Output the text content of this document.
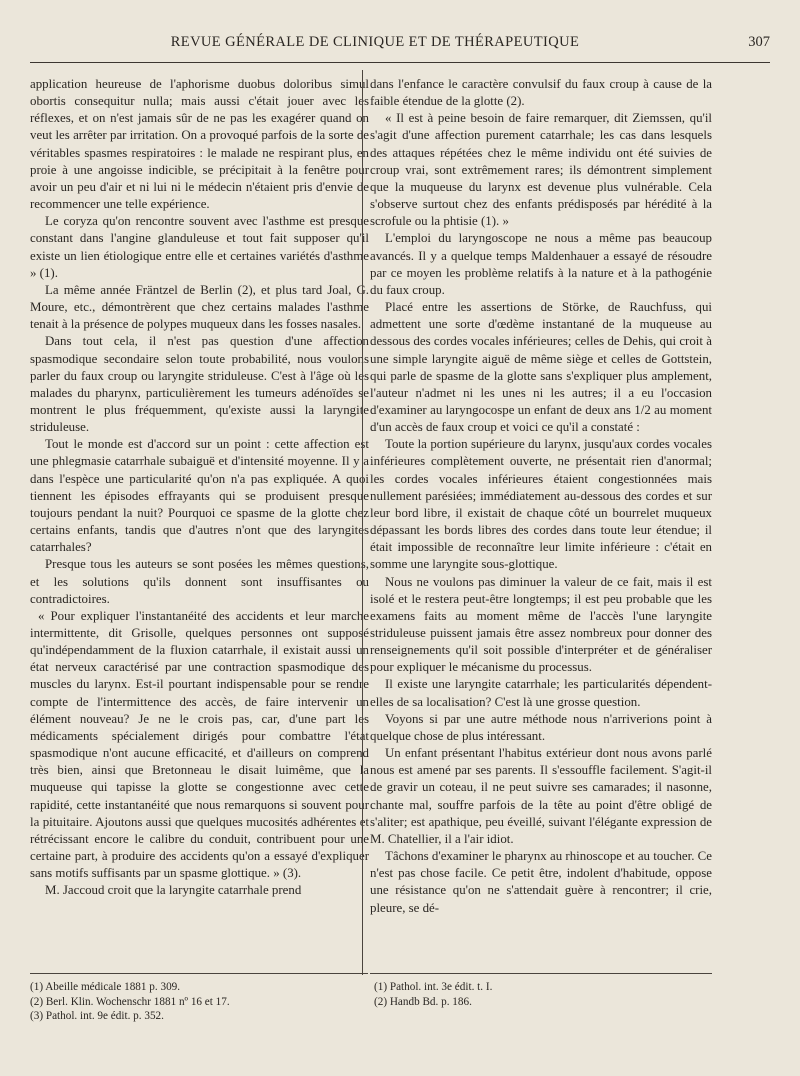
REVUE GÉNÉRALE DE CLINIQUE ET DE THÉRAPEUTIQUE	307

application heureuse de l'aphorisme duobus doloribus simul obortis consequitur nulla; mais aussi c'était jouer avec les réflexes, et on n'est jamais sûr de ne pas les exagérer quand on veut les arrêter par irritation. On a provoqué parfois de la sorte de véritables spasmes respiratoires : le malade ne respirant plus, en proie à une angoisse indicible, se précipitait à la fenêtre pour avoir un peu d'air et ni lui ni le médecin n'étaient pris d'envie de recommencer une telle expérience.

Le coryza qu'on rencontre souvent avec l'asthme est presque constant dans l'angine glanduleuse et tout fait supposer qu'il existe un lien étiologique entre elle et certaines variétés d'asthme » (1).

La même année Fräntzel de Berlin (2), et plus tard Joal, G. Moure, etc., démontrèrent que chez certains malades l'asthme tenait à la présence de polypes muqueux dans les fosses nasales.

Dans tout cela, il n'est pas question d'une affection spasmodique secondaire selon toute probabilité, nous voulons parler du faux croup ou laryngite striduleuse. C'est à l'âge où les malades du pharynx, particulièrement les tumeurs adénoïdes se montrent le plus fréquemment, qu'existe aussi la laryngite striduleuse.

Tout le monde est d'accord sur un point : cette affection est une phlegmasie catarrhale subaiguë et d'intensité moyenne. Il y a dans l'espèce une particularité qu'on n'a pas expliquée. A quoi tiennent les épisodes effrayants qui se produisent presque toujours pendant la nuit? Pourquoi ce spasme de la glotte chez certains enfants, tandis que d'autres n'ont que des laryngites catarrhales?

Presque tous les auteurs se sont posées les mêmes questions, et les solutions qu'ils donnent sont insuffisantes ou contradictoires.

« Pour expliquer l'instantanéité des accidents et leur marche intermittente, dit Grisolle, quelques personnes ont supposé qu'indépendamment de la fluxion catarrhale, il existait aussi un état nerveux caractérisé par une contraction spasmodique des muscles du larynx. Est-il pourtant indispensable pour se rendre compte de l'intermittence des accès, de faire intervenir un élément nouveau? Je ne le crois pas, car, d'une part les médicaments spécialement dirigés pour combattre l'état spasmodique n'ont aucune efficacité, et d'ailleurs on comprend très bien, ainsi que Bretonneau le disait luimême, que la muqueuse qui tapisse la glotte se congestionne avec cette rapidité, cette instantanéité que nous remarquons si souvent pour la pituitaire. Ajoutons aussi que quelques mucosités adhérentes et rétrécissant encore le calibre du conduit, contribuent pour une certaine part, à produire des accidents qu'on a essayé d'expliquer sans motifs suffisants par un spasme glottique. » (3).

M. Jaccoud croit que la laryngite catarrhale prend

dans l'enfance le caractère convulsif du faux croup à cause de la faible étendue de la glotte (2).

« Il est à peine besoin de faire remarquer, dit Ziemssen, qu'il s'agit d'une affection purement catarrhale; les cas dans lesquels des attaques répétées chez le même individu ont été suivies de croup vrai, sont extrêmement rares; ils démontrent simplement que la muqueuse du larynx est devenue plus vulnérable. Cela s'observe surtout chez des enfants prédisposés par hérédité à la scrofule ou la phtisie (1). »

L'emploi du laryngoscope ne nous a même pas beaucoup avancés. Il y a quelque temps Maldenhauer a essayé de résoudre par ce moyen les problème relatifs à la nature et à la pathogénie du faux croup.

Placé entre les assertions de Störke, de Rauchfuss, qui admettent une sorte d'œdème instantané de la muqueuse au dessous des cordes vocales inférieures; celles de Dehis, qui croit à une simple laryngite aiguë de même siège et celles de Gottstein, qui parle de spasme de la glotte sans s'expliquer plus amplement, l'auteur n'admet ni les unes ni les autres; il a eu l'occasion d'examiner au laryngocospe un enfant de deux ans 1/2 au moment d'un accès de faux croup et voici ce qu'il a constaté :

Toute la portion supérieure du larynx, jusqu'aux cordes vocales inférieures complètement ouverte, ne présentait rien d'anormal; les cordes vocales inférieures étaient congestionnées mais nullement parésiées; immédiatement au-dessous des cordes et sur leur bord libre, il existait de chaque côté un bourrelet muqueux dépassant les bords libres des cordes dans toute leur étendue; il était impossible de reconnaître leur limite inférieure : c'était en somme une laryngite sous-glottique.

Nous ne voulons pas diminuer la valeur de ce fait, mais il est isolé et le restera peut-être longtemps; il est peu probable que les examens faits au moment même de l'accès l'une laryngite striduleuse puissent jamais être assez nombreux pour donner des renseignements qu'il soit possible d'interpréter et de généraliser pour expliquer le mécanisme du processus.

Il existe une laryngite catarrhale; les particularités dépendent-elles de sa localisation? C'est là une grosse question.

Voyons si par une autre méthode nous n'arriverions point à quelque chose de plus intéressant.

Un enfant présentant l'habitus extérieur dont nous avons parlé nous est amené par ses parents. Il s'essouffle facilement. S'agit-il de gravir un coteau, il ne peut suivre ses camarades; il nasonne, chante mal, souffre parfois de la tête au point d'être obligé de s'aliter; est apathique, peu éveillé, suivant l'élégante expression de M. Chatellier, il a l'air idiot.

Tâchons d'examiner le pharynx au rhinoscope et au toucher. Ce n'est pas chose facile. Ce petit être, indolent d'habitude, oppose une résistance qu'on ne s'attendait guère à rencontrer; il crie, pleure, se dé-

(1) Abeille médicale 1881 p. 309.
(2) Berl. Klin. Wochenschr 1881 nº 16 et 17.
(3) Pathol. int. 9e édit. p. 352.
(1) Pathol. int. 3e édit. t. I.
(2) Handb Bd. p. 186.
